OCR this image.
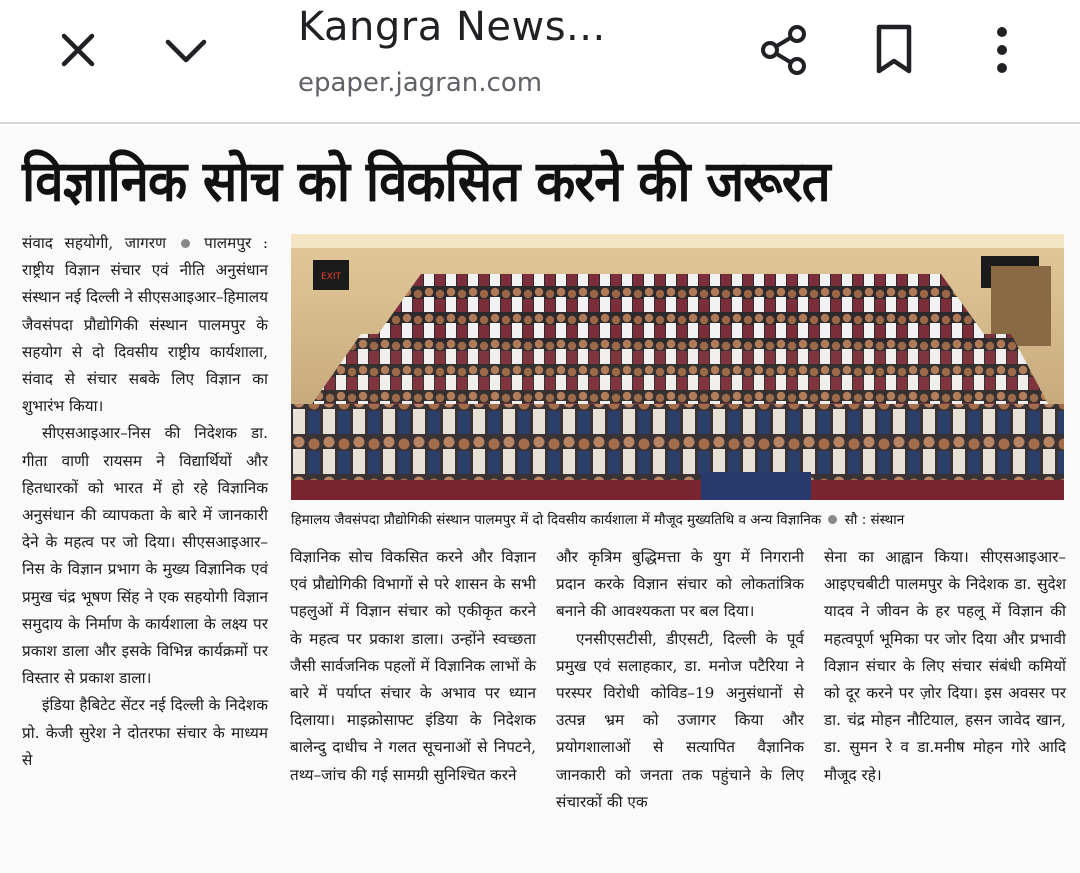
Kangra News...
epaper.jagran.com
विज्ञानिक सोच को विकसित करने की जरूरत

संवाद सहयोगी, जागरण पालमपुर : राष्ट्रीय विज्ञान संचार एवं नीति अनुसंधान संस्थान नई दिल्ली ने सीएसआइआर–हिमालय जैवसंपदा प्रौद्योगिकी संस्थान पालमपुर के सहयोग से दो दिवसीय राष्ट्रीय कार्यशाला, संवाद से संचार सबके लिए विज्ञान का शुभारंभ किया।

सीएसआइआर–निस की निदेशक डा. गीता वाणी रायसम ने विद्यार्थियों और हितधारकों को भारत में हो रहे विज्ञानिक अनुसंधान की व्यापकता के बारे में जानकारी देने के महत्व पर जो दिया। सीएसआइआर–निस के विज्ञान प्रभाग के मुख्य विज्ञानिक एवं प्रमुख चंद्र भूषण सिंह ने एक सहयोगी विज्ञान समुदाय के निर्माण के कार्यशाला के लक्ष्य पर प्रकाश डाला और इसके विभिन्न कार्यक्रमों पर विस्तार से प्रकाश डाला।

इंडिया हैबिटेट सेंटर नई दिल्ली के निदेशक प्रो. केजी सुरेश ने दोतरफा संचार के माध्यम से

EXIT
हिमालय जैवसंपदा प्रौद्योगिकी संस्थान पालमपुर में दो दिवसीय कार्यशाला में मौजूद मुख्यतिथि व अन्य विज्ञानिक सौ : संस्थान

विज्ञानिक सोच विकसित करने और विज्ञान एवं प्रौद्योगिकी विभागों से परे शासन के सभी पहलुओं में विज्ञान संचार को एकीकृत करने के महत्व पर प्रकाश डाला। उन्होंने स्वच्छता जैसी सार्वजनिक पहलों में विज्ञानिक लाभों के बारे में पर्याप्त संचार के अभाव पर ध्यान दिलाया। माइक्रोसाफ्ट इंडिया के निदेशक बालेन्दु दाधीच ने गलत सूचनाओं से निपटने, तथ्य–जांच की गई सामग्री सुनिश्चित करने

और कृत्रिम बुद्धिमत्ता के युग में निगरानी प्रदान करके विज्ञान संचार को लोकतांत्रिक बनाने की आवश्यकता पर बल दिया।

एनसीएसटीसी, डीएसटी, दिल्ली के पूर्व प्रमुख एवं सलाहकार, डा. मनोज पटैरिया ने परस्पर विरोधी कोविड–19 अनुसंधानों से उत्पन्न भ्रम को उजागर किया और प्रयोगशालाओं से सत्यापित वैज्ञानिक जानकारी को जनता तक पहुंचाने के लिए संचारकों की एक

सेना का आह्वान किया। सीएसआइआर–आइएचबीटी पालमपुर के निदेशक डा. सुदेश यादव ने जीवन के हर पहलू में विज्ञान की महत्वपूर्ण भूमिका पर जोर दिया और प्रभावी विज्ञान संचार के लिए संचार संबंधी कमियों को दूर करने पर ज़ोर दिया। इस अवसर पर डा. चंद्र मोहन नौटियाल, हसन जावेद खान, डा. सुमन रे व डा.मनीष मोहन गोरे आदि मौजूद रहे।
